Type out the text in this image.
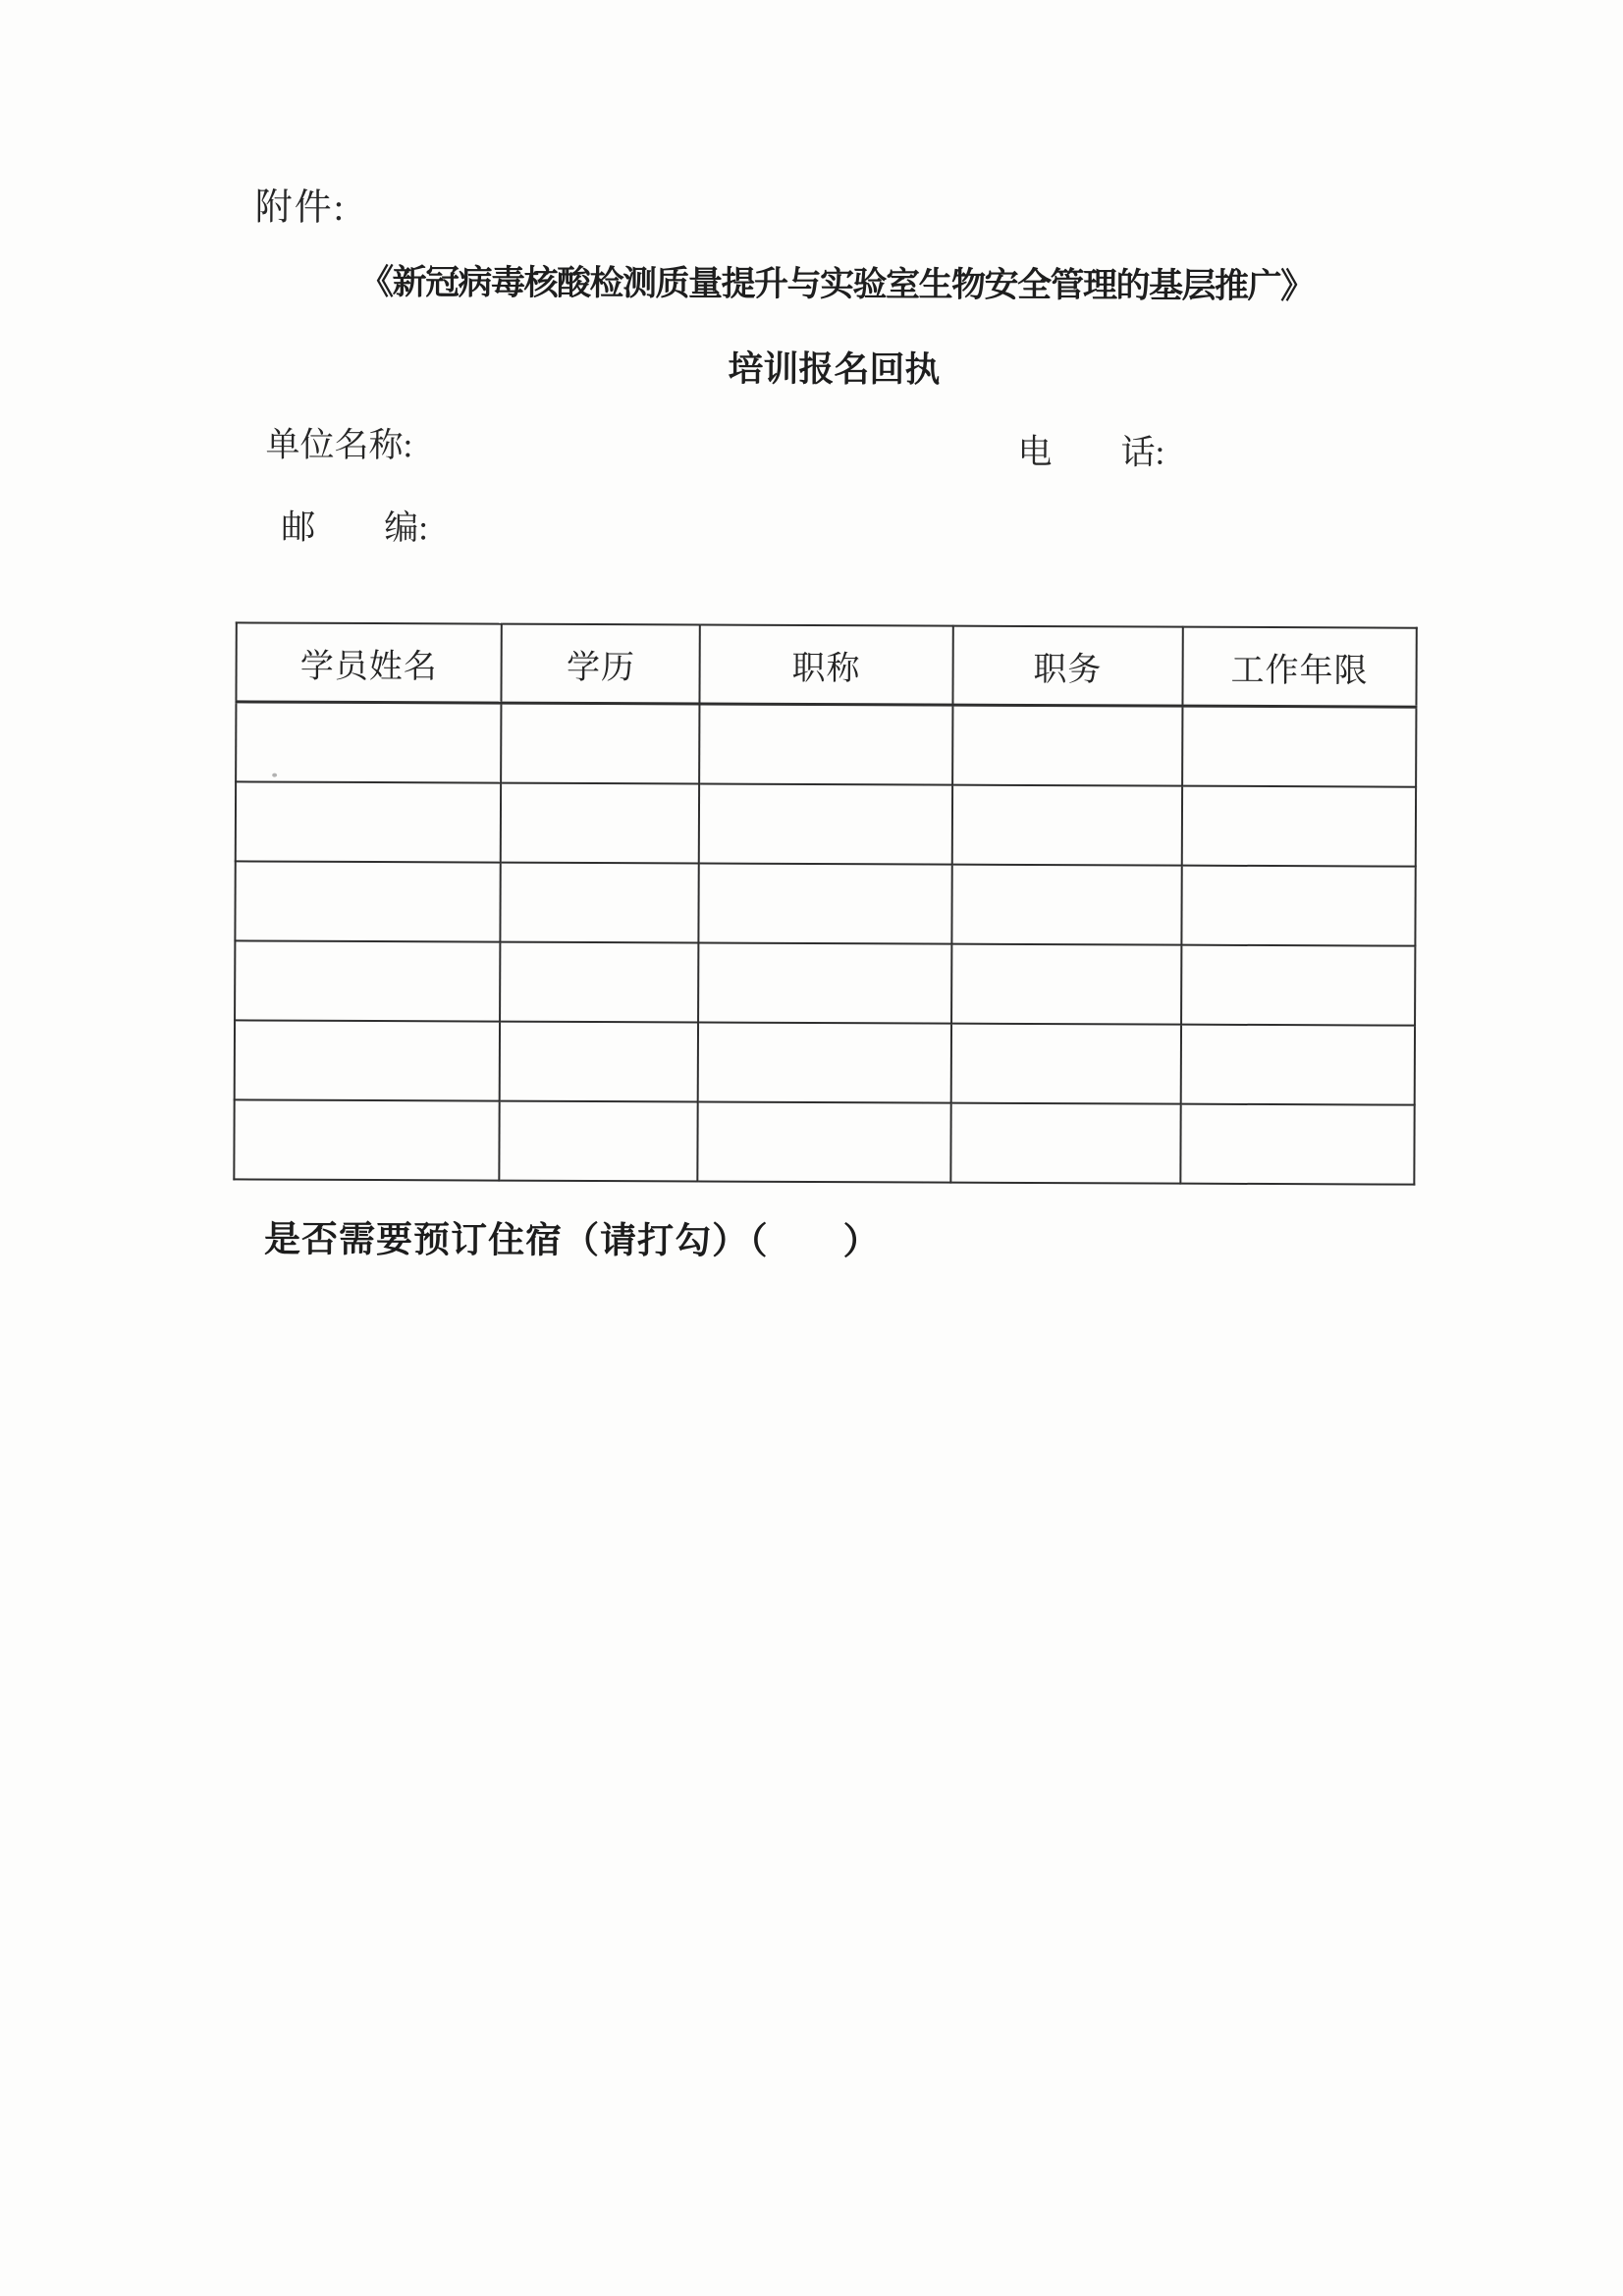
附件:
《新冠病毒核酸检测质量提升与实验室生物安全管理的基层推广》
培训报名回执
单位名称:	电　　话:
邮　　编:
学员姓名	学历	职称	职务	工作年限

是否需要预订住宿（请打勾）（　　）
